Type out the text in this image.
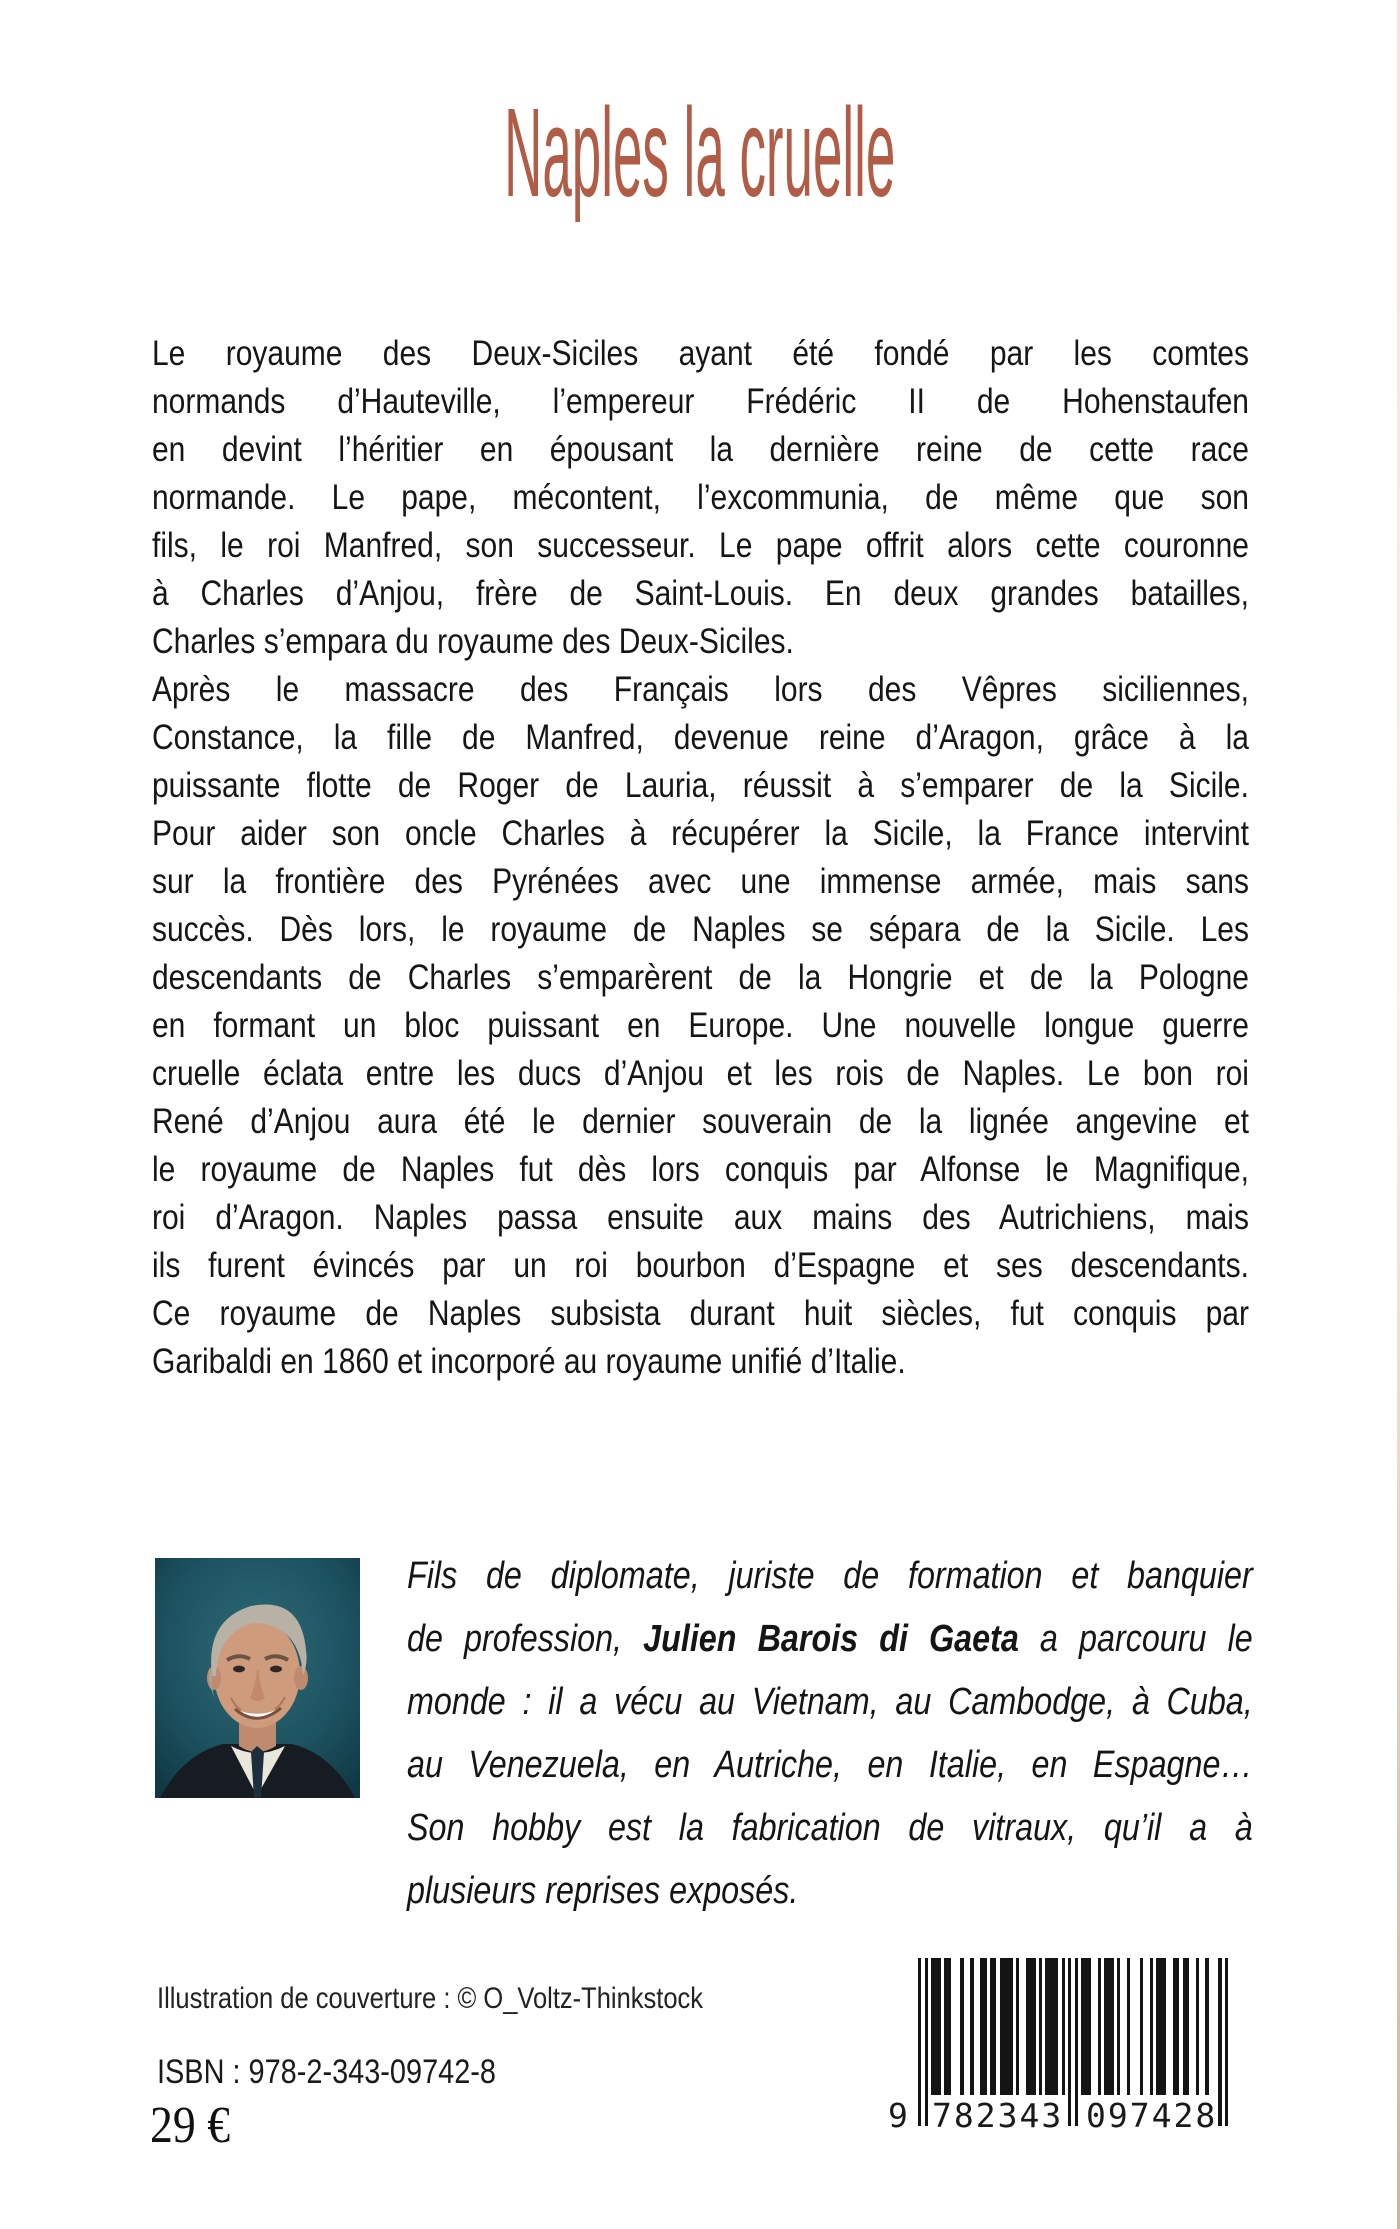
Naples la cruelle
Le royaume des Deux-Siciles ayant été fondé par les comtes
normands d’Hauteville, l’empereur Frédéric II de Hohenstaufen
en devint l’héritier en épousant la dernière reine de cette race
normande. Le pape, mécontent, l’excommunia, de même que son
fils, le roi Manfred, son successeur. Le pape offrit alors cette couronne
à Charles d’Anjou, frère de Saint-Louis. En deux grandes batailles,
Charles s’empara du royaume des Deux-Siciles.
Après le massacre des Français lors des Vêpres siciliennes,
Constance, la fille de Manfred, devenue reine d’Aragon, grâce à la
puissante flotte de Roger de Lauria, réussit à s’emparer de la Sicile.
Pour aider son oncle Charles à récupérer la Sicile, la France intervint
sur la frontière des Pyrénées avec une immense armée, mais sans
succès. Dès lors, le royaume de Naples se sépara de la Sicile. Les
descendants de Charles s’emparèrent de la Hongrie et de la Pologne
en formant un bloc puissant en Europe. Une nouvelle longue guerre
cruelle éclata entre les ducs d’Anjou et les rois de Naples. Le bon roi
René d’Anjou aura été le dernier souverain de la lignée angevine et
le royaume de Naples fut dès lors conquis par Alfonse le Magnifique,
roi d’Aragon. Naples passa ensuite aux mains des Autrichiens, mais
ils furent évincés par un roi bourbon d’Espagne et ses descendants.
Ce royaume de Naples subsista durant huit siècles, fut conquis par
Garibaldi en 1860 et incorporé au royaume unifié d’Italie.
Fils de diplomate, juriste de formation et banquier
de profession, Julien Barois di Gaeta a parcouru le
monde : il a vécu au Vietnam, au Cambodge, à Cuba,
au Venezuela, en Autriche, en Italie, en Espagne…
Son hobby est la fabrication de vitraux, qu’il a à
plusieurs reprises exposés.
Illustration de couverture : © O_Voltz-Thinkstock
ISBN : 978-2-343-09742-8
29 €	9 782343 097428
